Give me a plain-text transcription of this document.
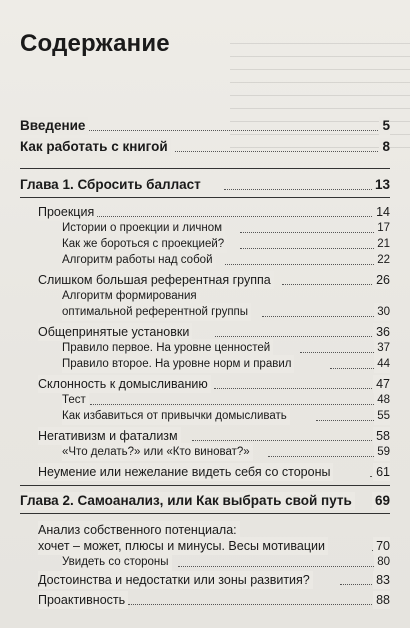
Содержание
Введение	5
Как работать с книгой	8
Глава 1. Сбросить балласт	13
Проекция	14
Истории о проекции и личном	17
Как же бороться с проекцией?	21
Алгоритм работы над собой	22
Слишком большая референтная группа	26
Алгоритм формирования
оптимальной референтной группы	30
Общепринятые установки	36
Правило первое. На уровне ценностей	37
Правило второе. На уровне норм и правил	44
Склонность к домысливанию	47
Тест	48
Как избавиться от привычки домысливать	55
Негативизм и фатализм	58
«Что делать?» или «Кто виноват?»	59
Неумение или нежелание видеть себя со стороны	61
Глава 2. Самоанализ, или Как выбрать свой путь 69
Анализ собственного потенциала:
хочет – может, плюсы и минусы. Весы мотивации	70
Увидеть со стороны	80
Достоинства и недостатки или зоны развития?	83
Проактивность	88
